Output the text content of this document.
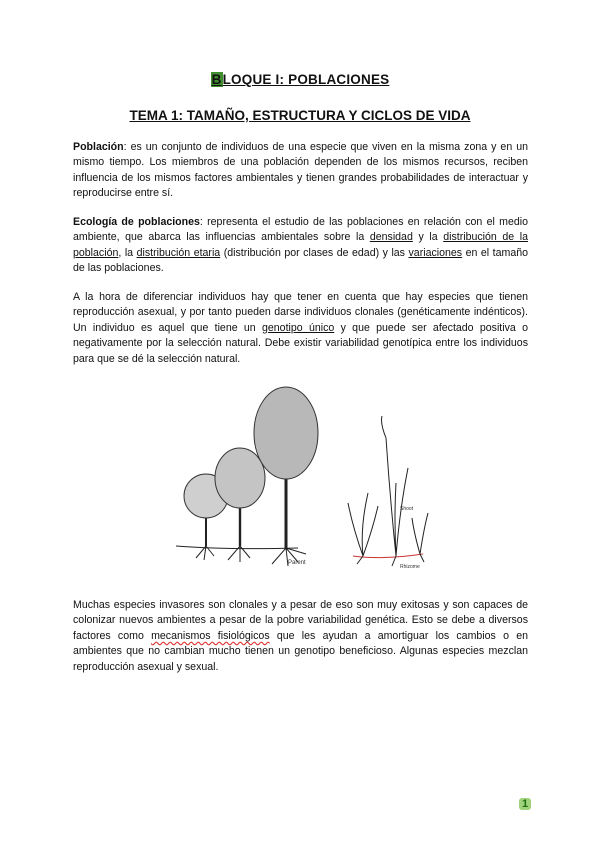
BLOQUE I: POBLACIONES
TEMA 1: TAMAÑO, ESTRUCTURA Y CICLOS DE VIDA

Población: es un conjunto de individuos de una especie que viven en la misma zona y en un mismo tiempo. Los miembros de una población dependen de los mismos recursos, reciben influencia de los mismos factores ambientales y tienen grandes probabilidades de interactuar y reproducirse entre sí.

Ecología de poblaciones: representa el estudio de las poblaciones en relación con el medio ambiente, que abarca las influencias ambientales sobre la densidad y la distribución de la población, la distribución etaria (distribución por clases de edad) y las variaciones en el tamaño de las poblaciones.

A la hora de diferenciar individuos hay que tener en cuenta que hay especies que tienen reproducción asexual, y por tanto pueden darse individuos clonales (genéticamente indénticos). Un individuo es aquel que tiene un genotipo único y que puede ser afectado positiva o negativamente por la selección natural. Debe existir variabilidad genotípica entre los individuos para que se dé la selección natural.

Parent
Shoot
Rhizome

Muchas especies invasores son clonales y a pesar de eso son muy exitosas y son capaces de colonizar nuevos ambientes a pesar de la pobre variabilidad genética. Esto se debe a diversos factores como mecanismos fisiológicos que les ayudan a amortiguar los cambios o en ambientes que no cambian mucho tienen un genotipo beneficioso. Algunas especies mezclan reproducción asexual y sexual.

1
